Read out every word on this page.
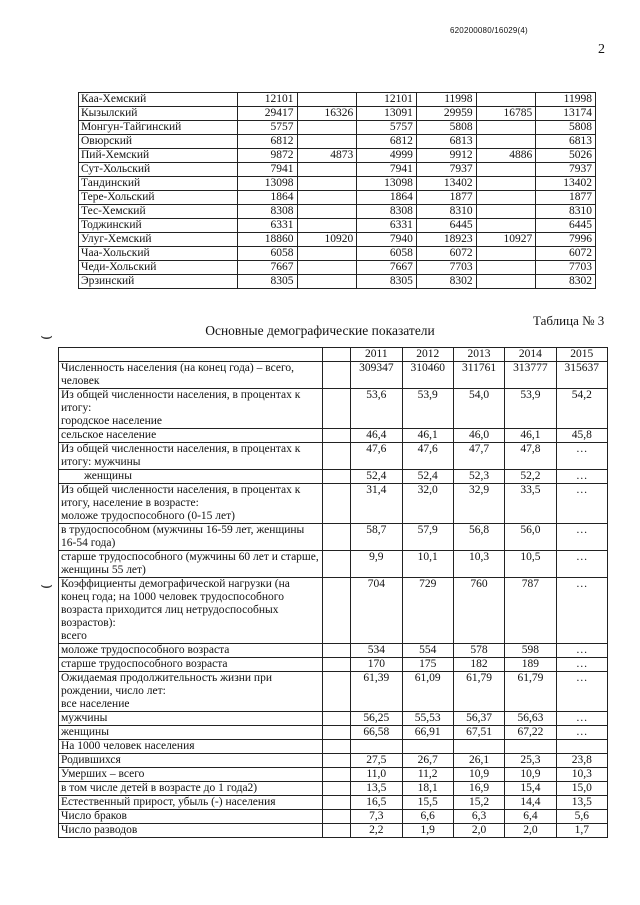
620200080/16029(4)
2
Каа-Хемский	12101		12101	11998		11998
Кызылский	29417	16326	13091	29959	16785	13174
Монгун-Тайгинский	5757		5757	5808		5808
Овюрский	6812		6812	6813		6813
Пий-Хемский	9872	4873	4999	9912	4886	5026
Сут-Хольский	7941		7941	7937		7937
Тандинский	13098		13098	13402		13402
Тере-Хольский	1864		1864	1877		1877
Тес-Хемский	8308		8308	8310		8310
Тоджинский	6331		6331	6445		6445
Улуг-Хемский	18860	10920	7940	18923	10927	7996
Чаа-Хольский	6058		6058	6072		6072
Чеди-Хольский	7667		7667	7703		7703
Эрзинский	8305		8305	8302		8302
⌣
⌣
Таблица № 3
Основные демографические показатели
		2011	2012	2013	2014	2015
Численность населения (на конец года) – всего, человек		309347	310460	311761	313777	315637
Из общей численности населения, в процентах к итогу:
городское население		53,6	53,9	54,0	53,9	54,2
сельское население		46,4	46,1	46,0	46,1	45,8
Из общей численности населения, в процентах к итогу: мужчины		47,6	47,6	47,7	47,8	…
женщины		52,4	52,4	52,3	52,2	…
Из общей численности населения, в процентах к итогу, население в возрасте:
моложе трудоспособного (0-15 лет)		31,4	32,0	32,9	33,5	…
в трудоспособном (мужчины 16-59 лет, женщины 16-54 года)		58,7	57,9	56,8	56,0	…
старше трудоспособного (мужчины 60 лет и старше, женщины 55 лет)		9,9	10,1	10,3	10,5	…
Коэффициенты демографической нагрузки (на конец года; на 1000 человек трудоспособного возраста приходится лиц нетрудоспособных возрастов):
всего		704	729	760	787	…
моложе трудоспособного возраста		534	554	578	598	…
старше трудоспособного возраста		170	175	182	189	…
Ожидаемая продолжительность жизни при рождении, число лет:
все население		61,39	61,09	61,79	61,79	…
мужчины		56,25	55,53	56,37	56,63	…
женщины		66,58	66,91	67,51	67,22	…
На 1000 человек населения						
Родившихся		27,5	26,7	26,1	25,3	23,8
Умерших – всего		11,0	11,2	10,9	10,9	10,3
в том числе детей в возрасте до 1 года2)		13,5	18,1	16,9	15,4	15,0
Естественный прирост, убыль (-) населения		16,5	15,5	15,2	14,4	13,5
Число браков		7,3	6,6	6,3	6,4	5,6
Число разводов		2,2	1,9	2,0	2,0	1,7
